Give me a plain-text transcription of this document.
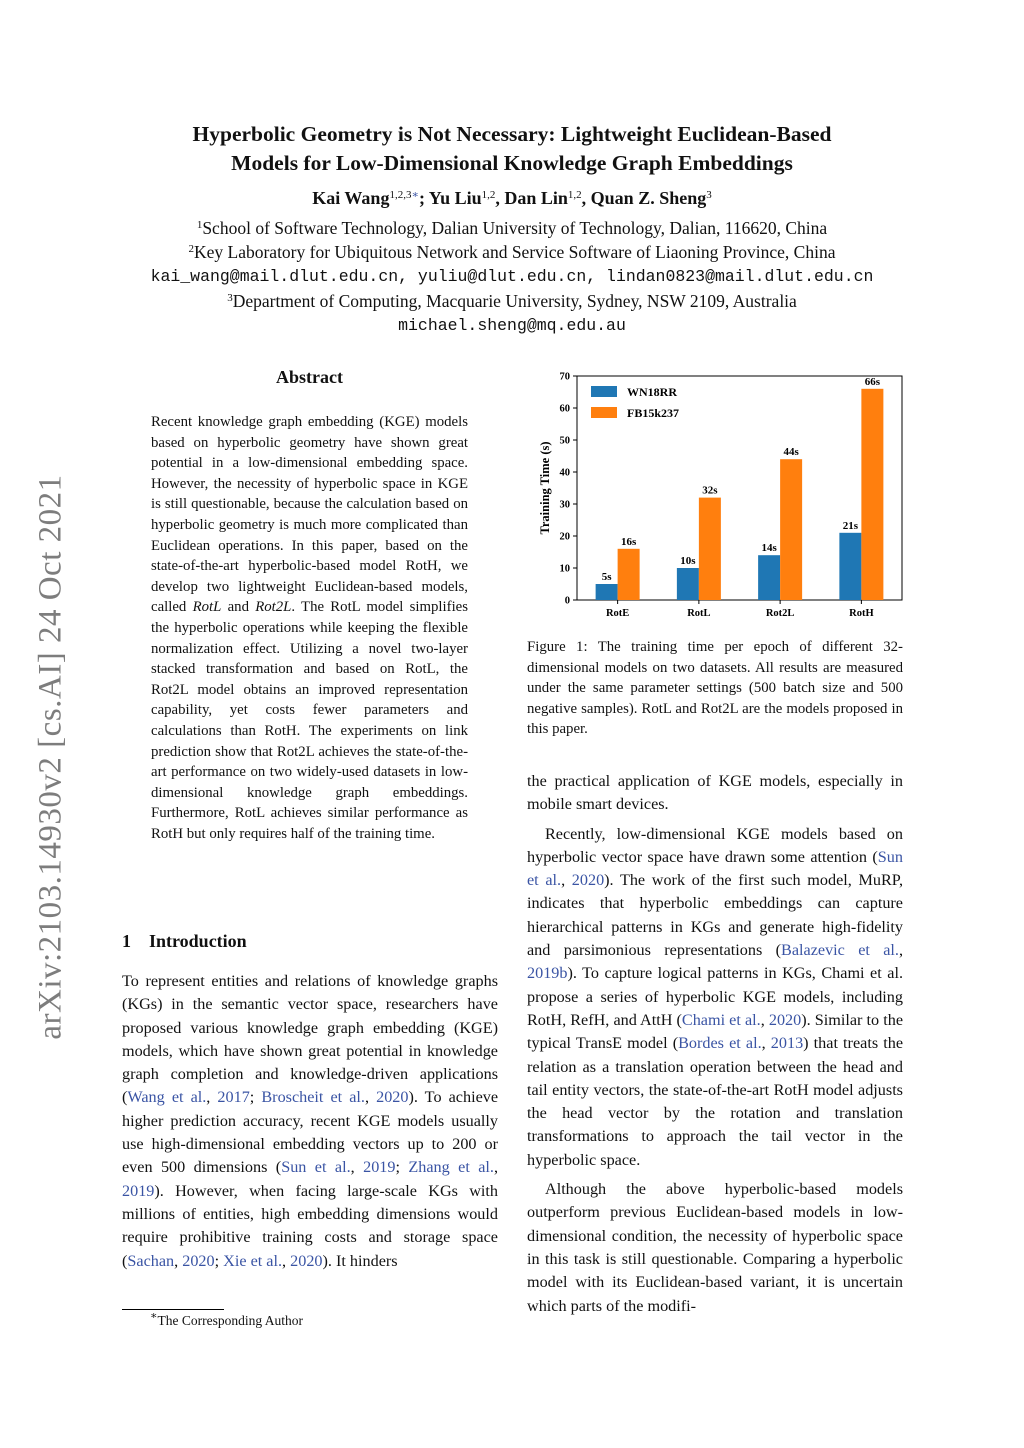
Hyperbolic Geometry is Not Necessary: Lightweight Euclidean-Based
Models for Low-Dimensional Knowledge Graph Embeddings
Kai Wang$^{1,2,3∗}$; Yu Liu$^{1,2}$, Dan Lin$^{1,2}$, Quan Z. Sheng$^3$
$^1$School of Software Technology, Dalian University of Technology, Dalian, 116620, China
$^2$Key Laboratory for Ubiquitous Network and Service Software of Liaoning Province, China
kai_wang@mail.dlut.edu.cn, yuliu@dlut.edu.cn, lindan0823@mail.dlut.edu.cn
$^3$Department of Computing, Macquarie University, Sydney, NSW 2109, Australia
michael.sheng@mq.edu.au
arXiv:2103.14930v2 [cs.AI] 24 Oct 2021
Abstract
Recent knowledge graph embedding (KGE) models based on hyperbolic geometry have shown great potential in a low-dimensional embedding space. However, the necessity of hyperbolic space in KGE is still questionable, because the calculation based on hyperbolic geometry is much more complicated than Euclidean operations. In this paper, based on the state-of-the-art hyperbolic-based model RotH, we develop two lightweight Euclidean-based models, called RotL and Rot2L. The RotL model simplifies the hyperbolic operations while keeping the flexible normalization effect. Utilizing a novel two-layer stacked transformation and based on RotL, the Rot2L model obtains an improved representation capability, yet costs fewer parameters and calculations than RotH. The experiments on link prediction show that Rot2L achieves the state-of-the-art performance on two widely-used datasets in low-dimensional knowledge graph embeddings. Furthermore, RotL achieves similar performance as RotH but only requires half of the training time.
1 Introduction

To represent entities and relations of knowledge graphs (KGs) in the semantic vector space, researchers have proposed various knowledge graph embedding (KGE) models, which have shown great potential in knowledge graph completion and knowledge-driven applications (Wang et al., 2017; Broscheit et al., 2020). To achieve higher prediction accuracy, recent KGE models usually use high-dimensional embedding vectors up to 200 or even 500 dimensions (Sun et al., 2019; Zhang et al., 2019). However, when facing large-scale KGs with millions of entities, high embedding dimensions would require prohibitive training costs and storage space (Sachan, 2020; Xie et al., 2020). It hinders

∗The Corresponding Author
0
10
20
30
40
50
60
70
Training Time (s)
RotE
5s
16s
RotL
10s
32s
Rot2L
14s
44s
RotH
21s
66s
WN18RR
FB15k237
Figure 1: The training time per epoch of different 32-dimensional models on two datasets. All results are measured under the same parameter settings (500 batch size and 500 negative samples). RotL and Rot2L are the models proposed in this paper.

the practical application of KGE models, especially in mobile smart devices.

Recently, low-dimensional KGE models based on hyperbolic vector space have drawn some attention (Sun et al., 2020). The work of the first such model, MuRP, indicates that hyperbolic embeddings can capture hierarchical patterns in KGs and generate high-fidelity and parsimonious representations (Balazevic et al., 2019b). To capture logical patterns in KGs, Chami et al. propose a series of hyperbolic KGE models, including RotH, RefH, and AttH (Chami et al., 2020). Similar to the typical TransE model (Bordes et al., 2013) that treats the relation as a translation operation between the head and tail entity vectors, the state-of-the-art RotH model adjusts the head vector by the rotation and translation transformations to approach the tail vector in the hyperbolic space.

Although the above hyperbolic-based models outperform previous Euclidean-based models in low-dimensional condition, the necessity of hyperbolic space in this task is still questionable. Comparing a hyperbolic model with its Euclidean-based variant, it is uncertain which parts of the modifi-
